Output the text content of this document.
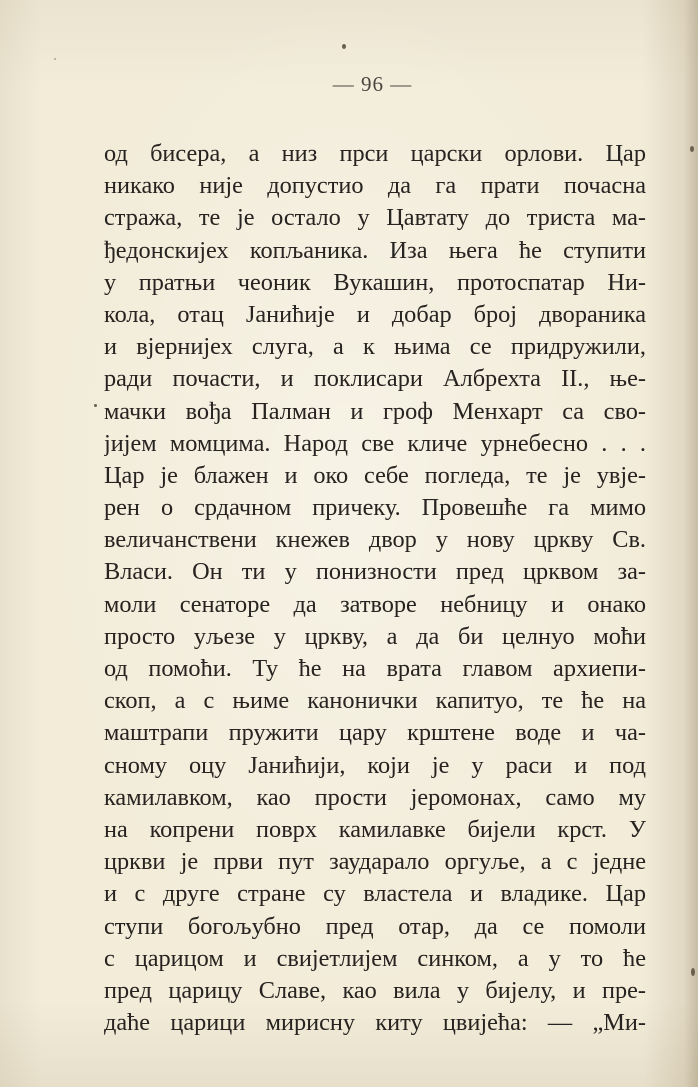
— 96 —
од бисера, а низ прси царски орлови. Цар
никако није допустио да га прати почасна
стража, те је остало у Цавтату до триста ма-
ђедонскијех копљаника. Иза њега ће ступити
у пратњи чеоник Вукашин, протоспатар Ни-
кола, отац Јанићије и добар број двораника
и вјернијех слуга, а к њима се придружили,
ради почасти, и поклисари Албрехта II., ње-
мачки вођа Палман и гроф Менхарт са сво-
јијем момцима. Народ све кличе урнебесно . . .
Цар је блажен и око себе погледа, те је увје-
рен о срдачном причеку. Провешће га мимо
величанствени кнежев двор у нову цркву Св.
Власи. Он ти у понизности пред црквом за-
моли сенаторе да затворе небницу и онако
просто уљезе у цркву, а да би целнуо моћи
од помоћи. Ту ће на врата главом архиепи-
скоп, а с њиме канонички капитуо, те ће на
маштрапи пружити цару крштене воде и ча-
сному оцу Јанићији, који је у раси и под
камилавком, као прости јеромонах, само му
на копрени поврх камилавке бијели крст. У
цркви је први пут заударало оргуље, а с једне
и с друге стране су властела и владике. Цар
ступи богољубно пред отар, да се помоли
с царицом и свијетлијем синком, а у то ће
пред царицу Славе, као вила у бијелу, и пре-
даће царици мирисну киту цвијећа: — „Ми-
